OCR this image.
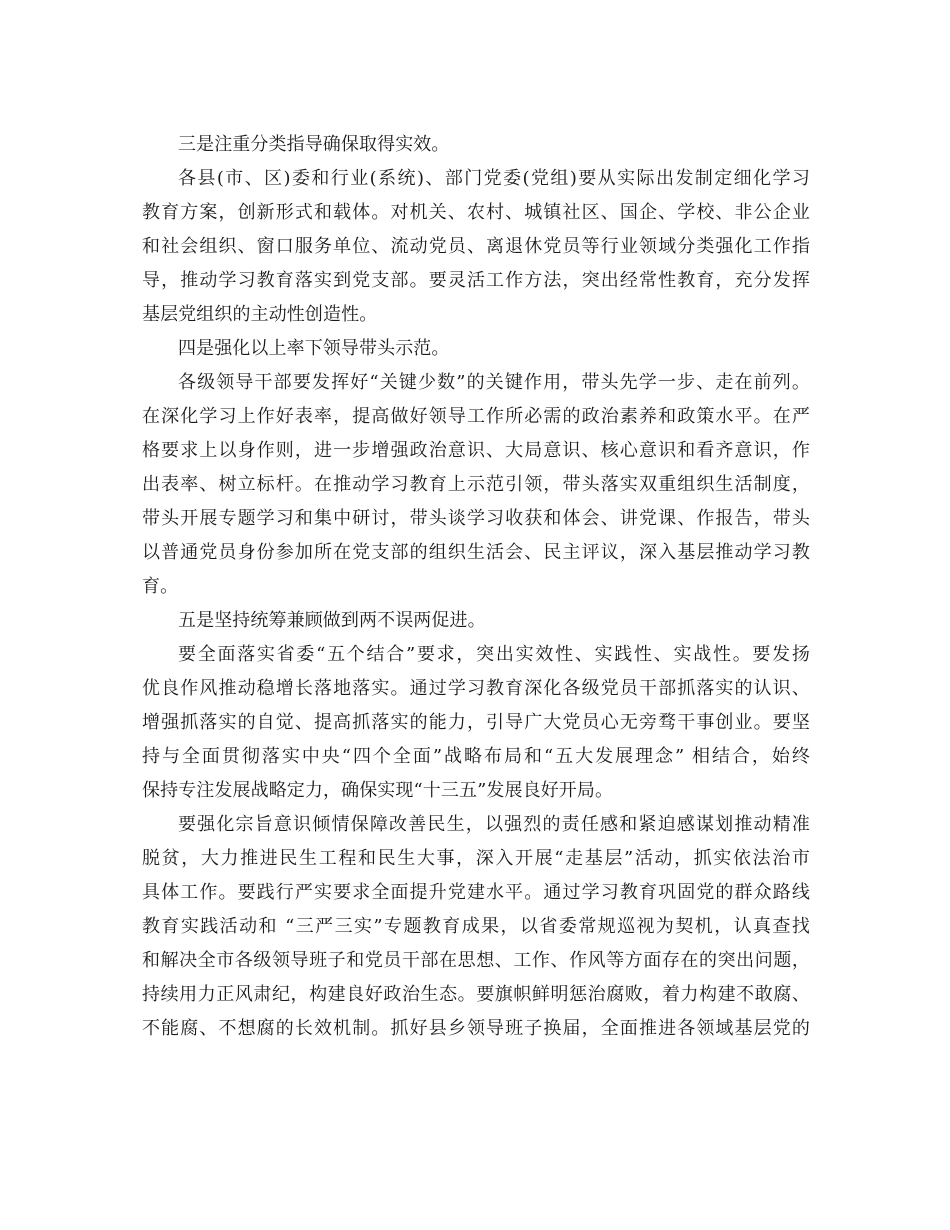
三是注重分类指导确保取得实效。
各县(市、区)委和行业(系统)、部门党委(党组)要从实际出发制定细化学习
教育方案，创新形式和载体。对机关、农村、城镇社区、国企、学校、非公企业
和社会组织、窗口服务单位、流动党员、离退休党员等行业领域分类强化工作指
导，推动学习教育落实到党支部。要灵活工作方法，突出经常性教育，充分发挥
基层党组织的主动性创造性。
四是强化以上率下领导带头示范。
各级领导干部要发挥好“关键少数”的关键作用，带头先学一步、走在前列。
在深化学习上作好表率，提高做好领导工作所必需的政治素养和政策水平。在严
格要求上以身作则，进一步增强政治意识、大局意识、核心意识和看齐意识，作
出表率、树立标杆。在推动学习教育上示范引领，带头落实双重组织生活制度，
带头开展专题学习和集中研讨，带头谈学习收获和体会、讲党课、作报告，带头
以普通党员身份参加所在党支部的组织生活会、民主评议，深入基层推动学习教
育。
五是坚持统筹兼顾做到两不误两促进。
要全面落实省委“五个结合”要求，突出实效性、实践性、实战性。要发扬
优良作风推动稳增长落地落实。通过学习教育深化各级党员干部抓落实的认识、
增强抓落实的自觉、提高抓落实的能力，引导广大党员心无旁骛干事创业。要坚
持与全面贯彻落实中央“四个全面”战略布局和“五大发展理念” 相结合，始终
保持专注发展战略定力，确保实现“十三五”发展良好开局。
要强化宗旨意识倾情保障改善民生，以强烈的责任感和紧迫感谋划推动精准
脱贫，大力推进民生工程和民生大事，深入开展“走基层”活动，抓实依法治市
具体工作。要践行严实要求全面提升党建水平。通过学习教育巩固党的群众路线
教育实践活动和 “三严三实”专题教育成果，以省委常规巡视为契机，认真查找
和解决全市各级领导班子和党员干部在思想、工作、作风等方面存在的突出问题，
持续用力正风肃纪，构建良好政治生态。要旗帜鲜明惩治腐败，着力构建不敢腐、
不能腐、不想腐的长效机制。抓好县乡领导班子换届，全面推进各领域基层党的
